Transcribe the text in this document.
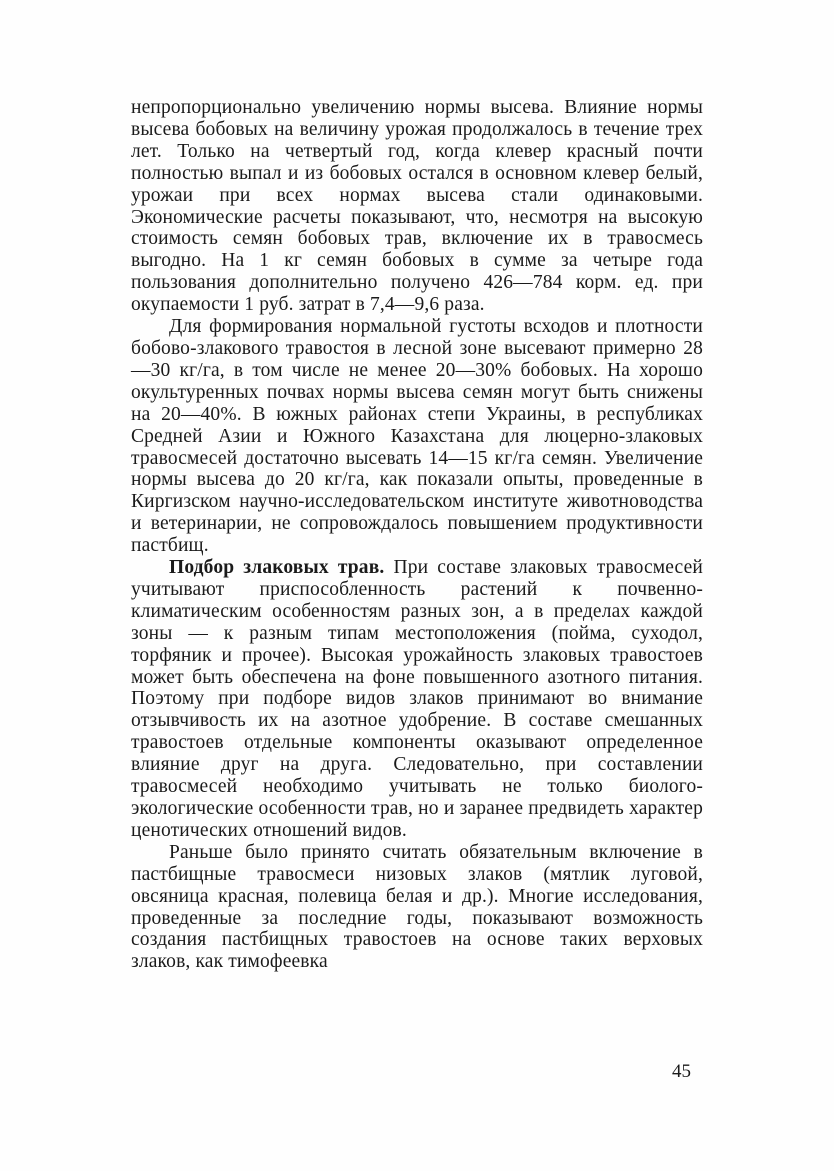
непропорционально увеличению нормы высева. Влияние нормы высева бобовых на величину урожая продолжалось в течение трех лет. Только на четвертый год, когда клевер красный почти полностью выпал и из бобовых остался в основном клевер белый, урожаи при всех нормах высева стали одинаковыми. Экономические расчеты показывают, что, несмотря на высокую стоимость семян бобовых трав, включение их в травосмесь выгодно. На 1 кг семян бобовых в сумме за четыре года пользования дополнительно получено 426—784 корм. ед. при окупаемости 1 руб. затрат в 7,4—9,6 раза.

Для формирования нормальной густоты всходов и плотности бобово-злакового травостоя в лесной зоне высевают примерно 28—30 кг/га, в том числе не менее 20—30% бобовых. На хорошо окультуренных почвах нормы высева семян могут быть снижены на 20—40%. В южных районах степи Украины, в республиках Средней Азии и Южного Казахстана для люцерно-злаковых травосмесей достаточно высевать 14—15 кг/га семян. Увеличение нормы высева до 20 кг/га, как показали опыты, проведенные в Киргизском научно-исследовательском институте животноводства и ветеринарии, не сопровождалось повышением продуктивности пастбищ.

Подбор злаковых трав. При составе злаковых травосмесей учитывают приспособленность растений к почвенно-климатическим особенностям разных зон, а в пределах каждой зоны — к разным типам местоположения (пойма, суходол, торфяник и прочее). Высокая урожайность злаковых травостоев может быть обеспечена на фоне повышенного азотного питания. Поэтому при подборе видов злаков принимают во внимание отзывчивость их на азотное удобрение. В составе смешанных травостоев отдельные компоненты оказывают определенное влияние друг на друга. Следовательно, при составлении травосмесей необходимо учитывать не только биолого-экологические особенности трав, но и заранее предвидеть характер ценотических отношений видов.

Раньше было принято считать обязательным включение в пастбищные травосмеси низовых злаков (мятлик луговой, овсяница красная, полевица белая и др.). Многие исследования, проведенные за последние годы, показывают возможность создания пастбищных травостоев на основе таких верховых злаков, как тимофеевка

45
